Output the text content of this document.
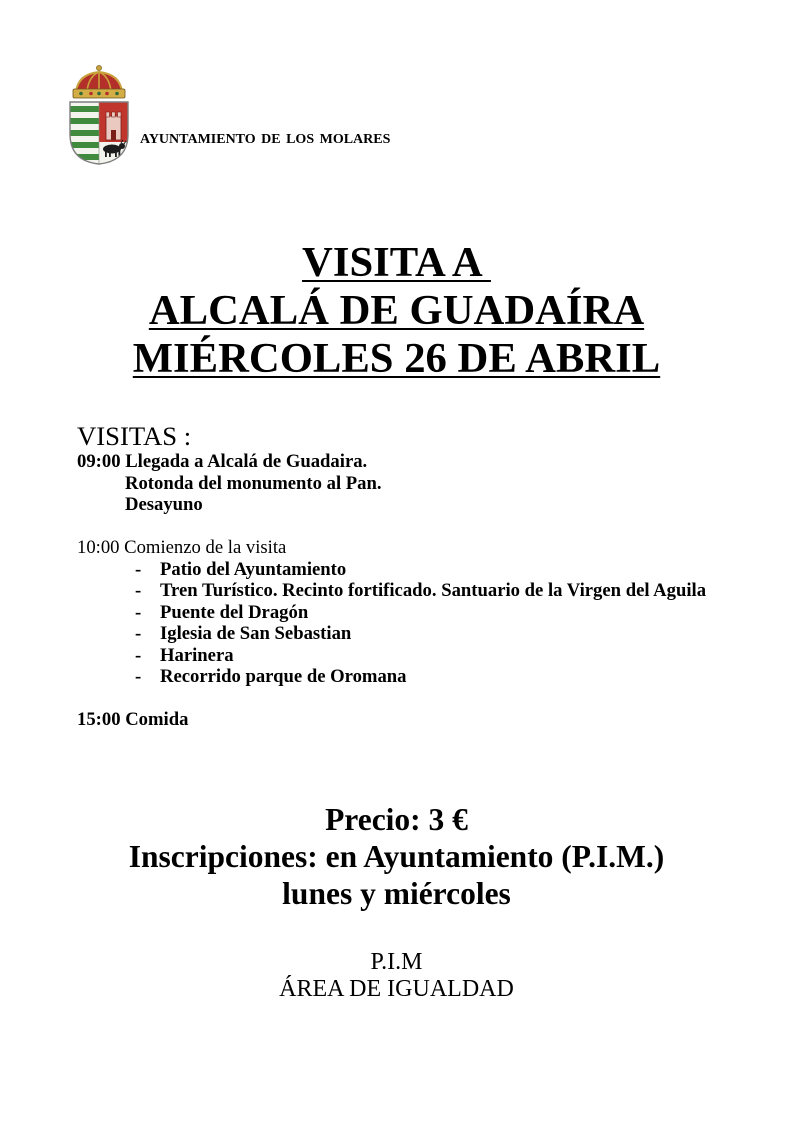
AYUNTAMIENTO DE LOS MOLARES
VISITA A
ALCALÁ DE GUADAÍRA
MIÉRCOLES 26 DE ABRIL
VISITAS :
09:00 Llegada a Alcalá de Guadaira.
Rotonda del monumento al Pan.
Desayuno
10:00 Comienzo de la visita
-	Patio del Ayuntamiento
-	Tren Turístico. Recinto fortificado. Santuario de la Virgen del Aguila
-	Puente del Dragón
-	Iglesia de San Sebastian
-	Harinera
-	Recorrido parque de Oromana
15:00 Comida
Precio: 3 €
Inscripciones: en Ayuntamiento (P.I.M.)
lunes y miércoles
P.I.M
ÁREA DE IGUALDAD
